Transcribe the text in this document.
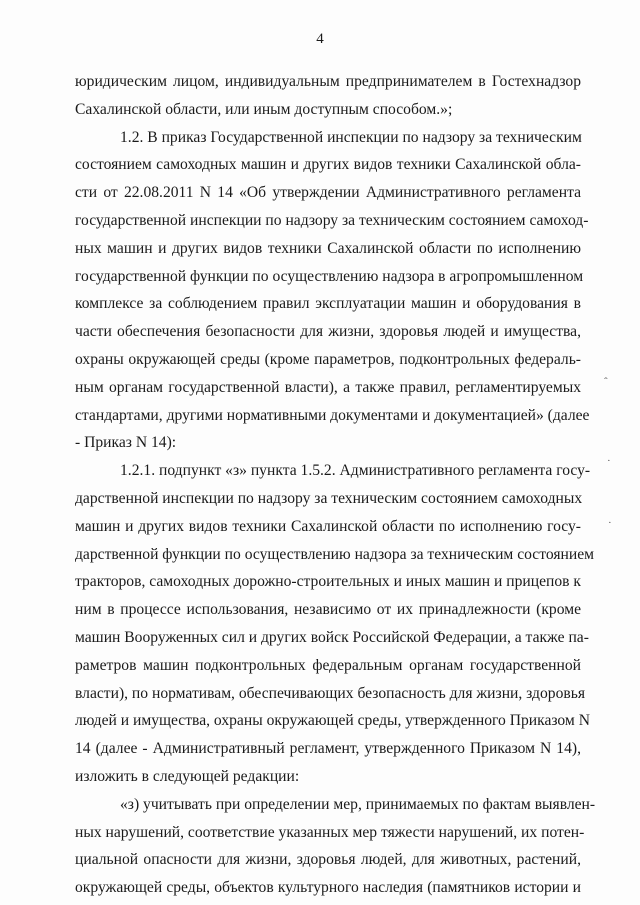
4
юридическим лицом, индивидуальным предпринимателем в Гостехнадзор
Сахалинской области, или иным доступным способом.»;
1.2. В приказ Государственной инспекции по надзору за техническим
состоянием самоходных машин и других видов техники Сахалинской обла-
сти от 22.08.2011 N 14 «Об утверждении Административного регламента
государственной инспекции по надзору за техническим состоянием самоход-
ных машин и других видов техники Сахалинской области по исполнению
государственной функции по осуществлению надзора в агропромышленном
комплексе за соблюдением правил эксплуатации машин и оборудования в
части обеспечения безопасности для жизни, здоровья людей и имущества,
охраны окружающей среды (кроме параметров, подконтрольных федераль-
ным органам государственной власти), а также правил, регламентируемых
стандартами, другими нормативными документами и документацией» (далее
- Приказ N 14):
1.2.1. подпункт «з» пункта 1.5.2. Административного регламента госу-
дарственной инспекции по надзору за техническим состоянием самоходных
машин и других видов техники Сахалинской области по исполнению госу-
дарственной функции по осуществлению надзора за техническим состоянием
тракторов, самоходных дорожно-строительных и иных машин и прицепов к
ним в процессе использования, независимо от их принадлежности (кроме
машин Вооруженных сил и других войск Российской Федерации, а также па-
раметров машин подконтрольных федеральным органам государственной
власти), по нормативам, обеспечивающих безопасность для жизни, здоровья
людей и имущества, охраны окружающей среды, утвержденного Приказом N
14 (далее - Административный регламент, утвержденного Приказом N 14),
изложить в следующей редакции:
«з) учитывать при определении мер, принимаемых по фактам выявлен-
ных нарушений, соответствие указанных мер тяжести нарушений, их потен-
циальной опасности для жизни, здоровья людей, для животных, растений,
окружающей среды, объектов культурного наследия (памятников истории и
ˆ
·
·
